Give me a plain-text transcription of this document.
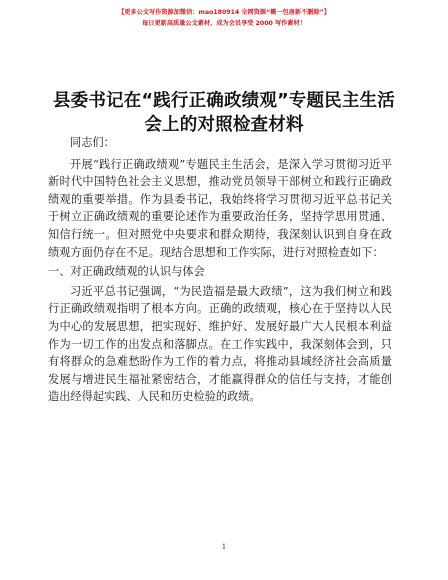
【更多公文写作资源加微信：mao180914 全网资源“概一包唐新不删除”】
每日更新高质量公文素材，成为会员享受 2000 写作素材！
县委书记在“践行正确政绩观”专题民主生活
会上的对照检查材料

同志们：

开展“践行正确政绩观”专题民主生活会，是深入学习贯彻习近平新时代中国特色社会主义思想，推动党员领导干部树立和践行正确政绩观的重要举措。作为县委书记，我始终将学习贯彻习近平总书记关于树立正确政绩观的重要论述作为重要政治任务，坚持学思用贯通、知信行统一。但对照党中央要求和群众期待，我深刻认识到自身在政绩观方面仍存在不足。现结合思想和工作实际，进行对照检查如下：

一、对正确政绩观的认识与体会

习近平总书记强调，“为民造福是最大政绩”，这为我们树立和践行正确政绩观指明了根本方向。正确的政绩观，核心在于坚持以人民为中心的发展思想，把实现好、维护好、发展好最广大人民根本利益作为一切工作的出发点和落脚点。在工作实践中，我深刻体会到，只有将群众的急难愁盼作为工作的着力点，将推动县域经济社会高质量发展与增进民生福祉紧密结合，才能赢得群众的信任与支持，才能创造出经得起实践、人民和历史检验的政绩。

1
